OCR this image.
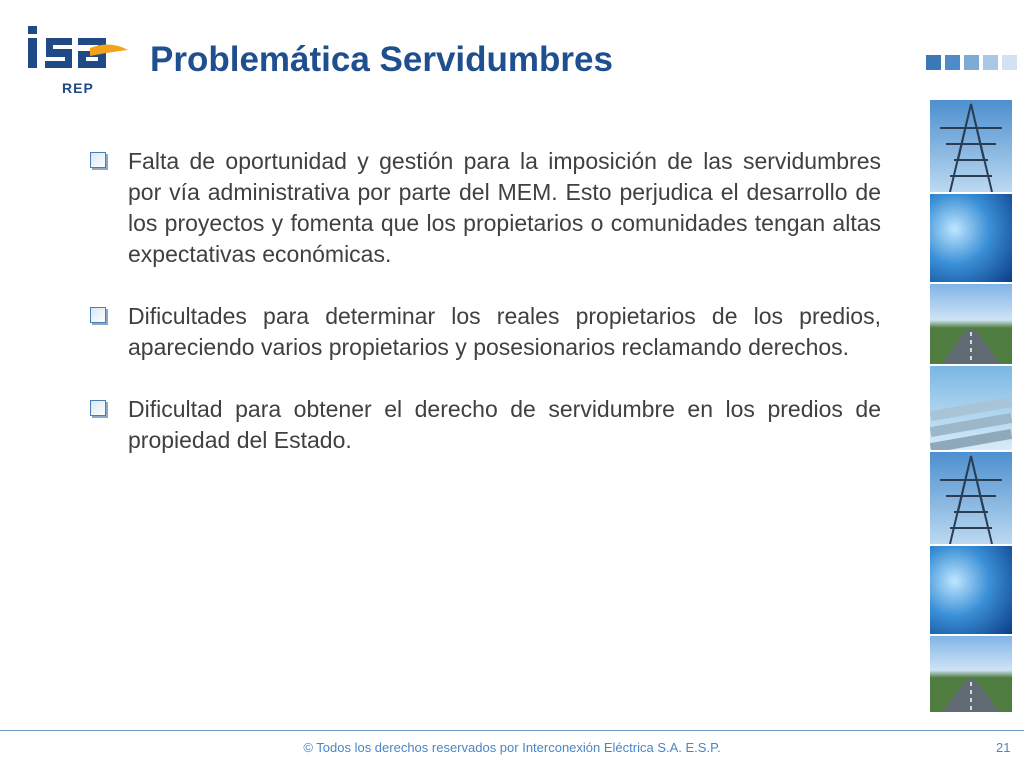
REP
Problemática Servidumbres

Falta de oportunidad y gestión para la imposición de las servidumbres por vía administrativa por parte del MEM. Esto perjudica el desarrollo de los proyectos y fomenta que los propietarios o comunidades tengan altas expectativas económicas.

Dificultades para determinar los reales propietarios de los predios, apareciendo varios propietarios y posesionarios reclamando derechos.

Dificultad para obtener el derecho de servidumbre en los predios de propiedad del Estado.

© Todos los derechos reservados por Interconexión Eléctrica S.A. E.S.P.	21
